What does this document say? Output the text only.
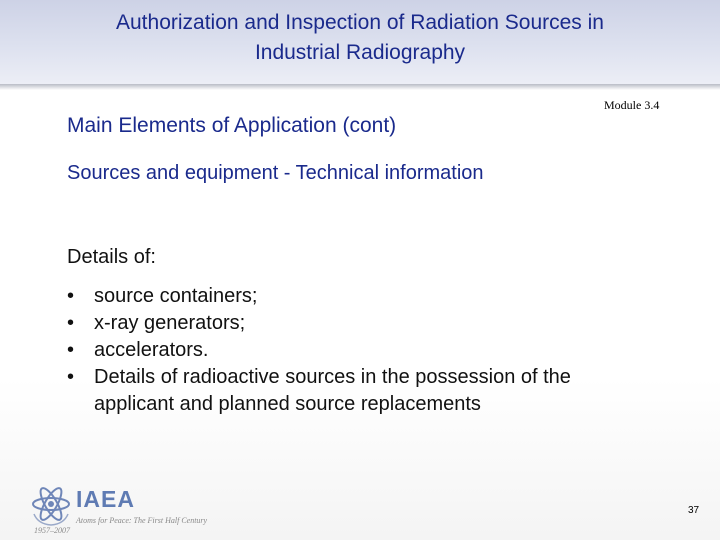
Authorization and Inspection of Radiation Sources in
Industrial Radiography
Module 3.4
Main Elements of Application (cont)
Sources and equipment - Technical information
Details of:
• source containers;
• x-ray generators;
• accelerators.
• Details of radioactive sources in the possession of the
applicant and planned source replacements
IAEA
Atoms for Peace: The First Half Century
1957–2007
37
